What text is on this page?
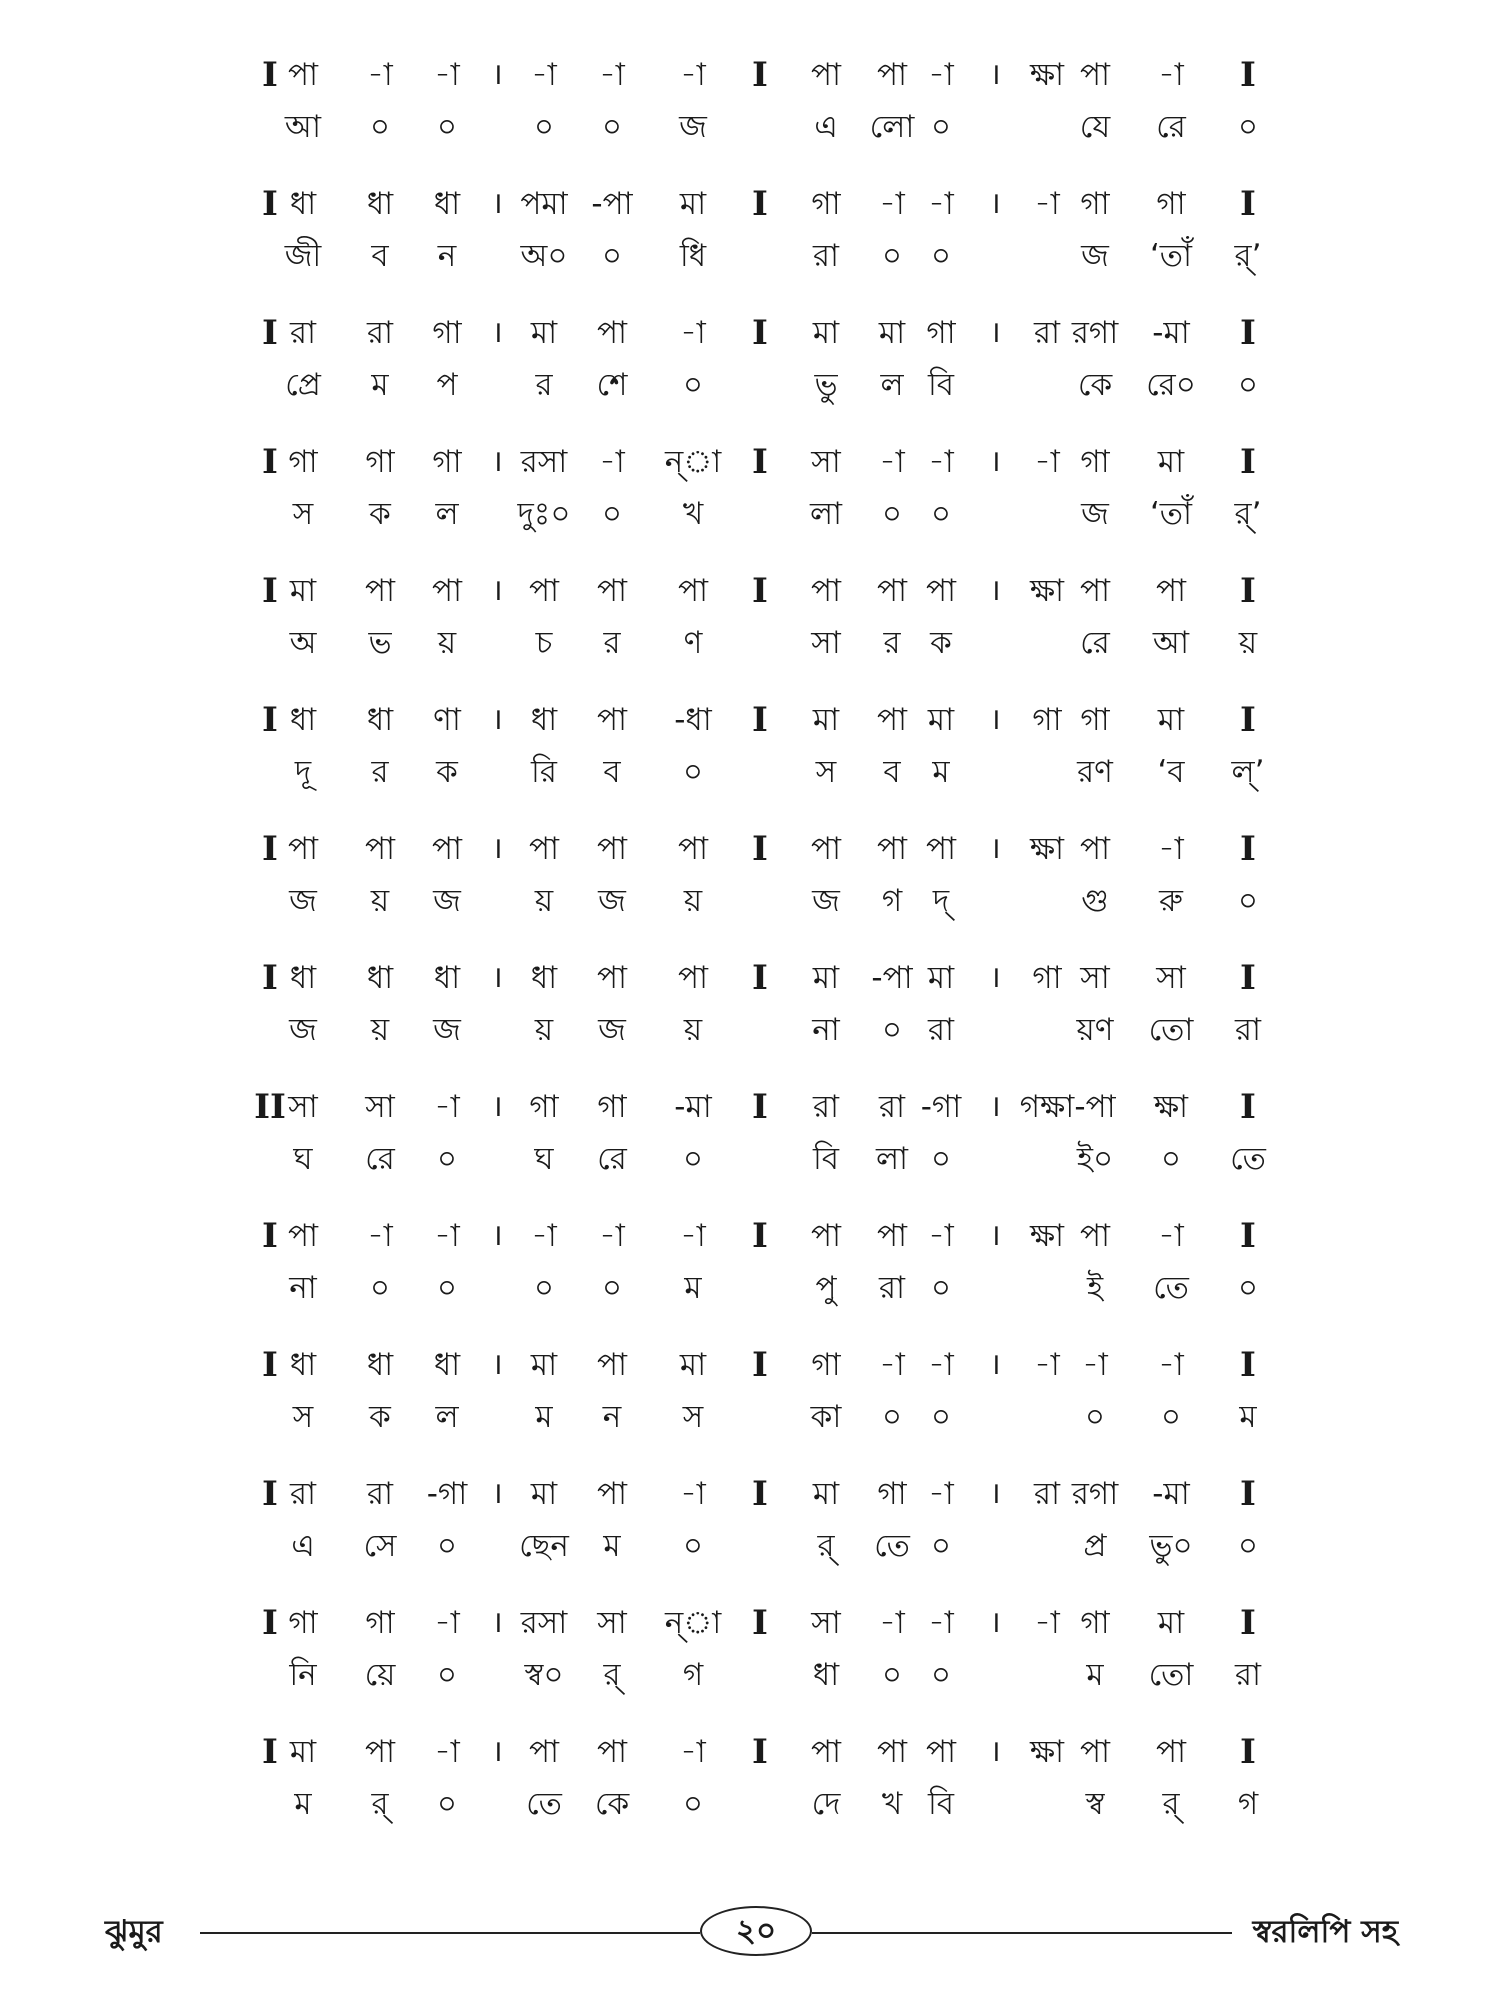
I পা -া -া । -া -া -া I পা পা -া । ক্ষা পা -া I
আ ০ ০ ০ ০ জ	এ লো ০	যে রে ০
I ধা ধা ধা । পমা -পা মা I গা -া -া । -া গা গা I
জী ব ন অ০ ০ ধি	রা ০ ০	জ ‘তাঁ র্’
I রা রা গা । মা পা -া I মা মা গা । রা রগা -মা I
প্রে ম প	র শে ০	ভু ল বি	কে রে০ ০
I গা গা গা । রসা -া ন্া I সা -া -া । -া গা মা I
স ক ল দুঃ০ ০ খ	লা ০ ০	জ ‘তাঁ র্’
I মা পা পা । পা পা পা I পা পা পা । ক্ষা পা পা I
অ ভ য়	চ র ণ	সা র ক	রে আ য়
I ধা ধা ণা । ধা পা -ধা I মা পা মা । গা গা মা I
দূ র ক রি ব ০	স ব ম	রণ ‘ব ল্’
I পা পা পা । পা পা পা I পা পা পা । ক্ষা পা -া I
জ য় জ য় জ য়	জ গ দ্	গু রু ০
I ধা ধা ধা । ধা পা পা I মা -পা মা । গা সা সা I
জ য় জ য় জ য়	না ০ রা	য়ণ তো রা
II সা সা -া । গা গা -মা I রা রা -গা । গক্ষা -পা ক্ষা I
ঘ রে ০ ঘ রে ০	বি লা ০	ই০ ০ তে
I পা -া -া । -া -া -া I পা পা -া । ক্ষা পা -া I
না ০ ০ ০ ০ ম	পু রা ০	ই তে ০
I ধা ধা ধা । মা পা মা I গা -া -া । -া -া -া I
স ক ল ম ন স	কা ০ ০	০ ০ ম
I রা রা -গা । মা পা -া I মা গা -া । রা রগা -মা I
এ সে ০ ছেন ম ০	র্ তে ০	প্র ভু০ ০
I গা গা -া । রসা সা ন্া I সা -া -া । -া গা মা I
নি য়ে ০ স্ব০ র্ গ	ধা ০ ০	ম তো রা
I মা পা -া । পা পা -া I পা পা পা । ক্ষা পা পা I
ম র্ ০ তে কে ০	দে খ বি	স্ব র্ গ
ঝুমুর	২০	স্বরলিপি সহ
